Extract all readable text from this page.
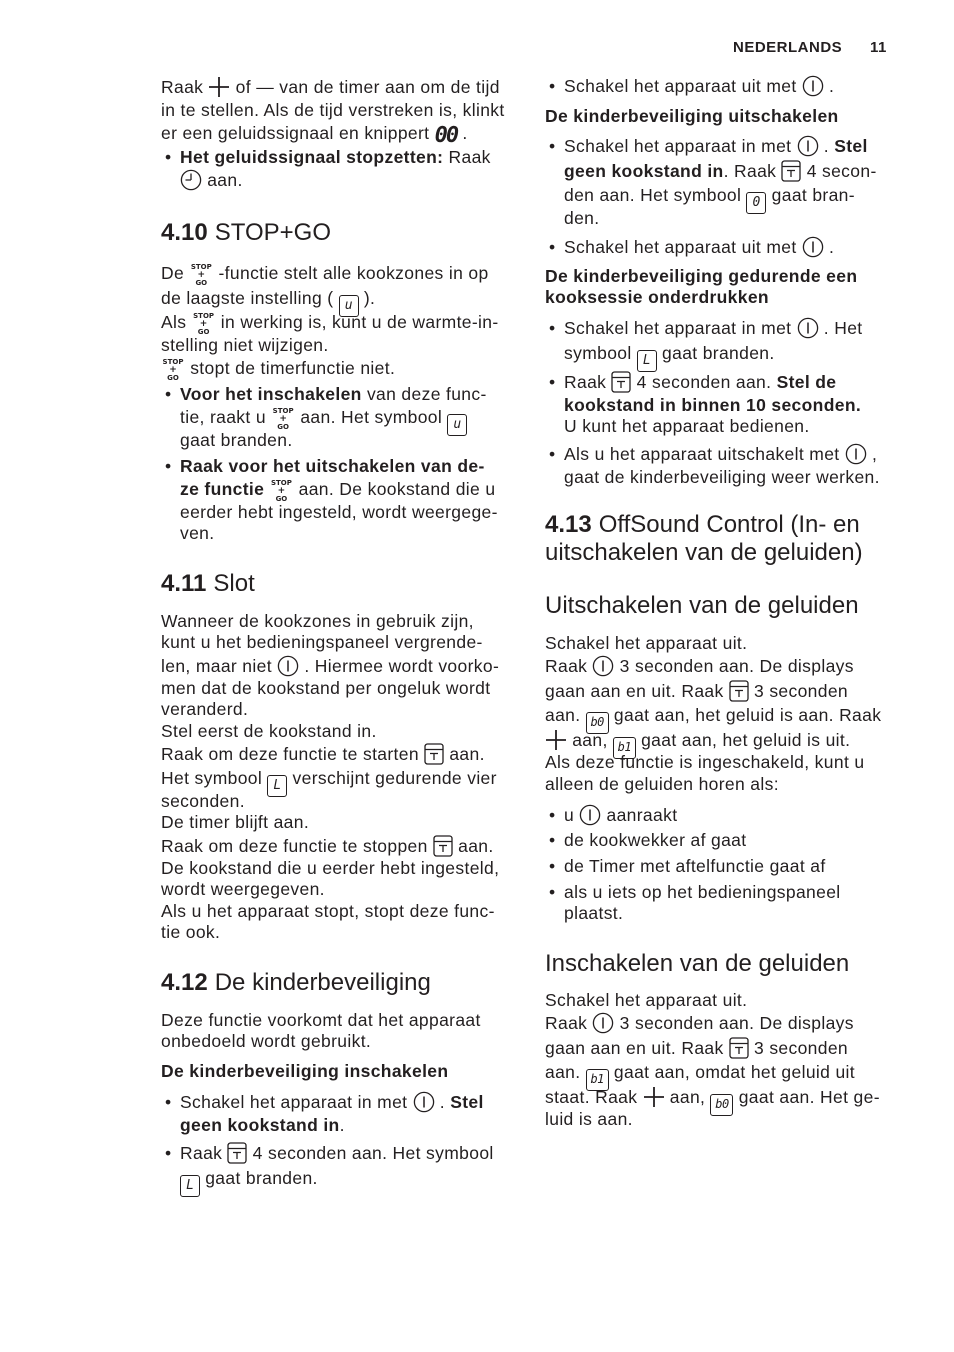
NEDERLANDS 11
Raak
of — van de timer aan om de tijd
in te stellen. Als de tijd verstreken is, klinkt
er een geluidssignaal en knippert 00 .
• Het geluidssignaal stopzetten: Raak
aan.
4.10 STOP+GO
De STOP
+
GO -functie stelt alle kookzones in op
de laagste instelling ( u ).
Als STOP
+
GO in werking is, kunt u de warmte-in-
stelling niet wijzigen.
STOP
+
GO stopt de timerfunctie niet.
• Voor het inschakelen van deze func-
tie, raakt u STOP
+
GO aan. Het symbool u
gaat branden.
• Raak voor het uitschakelen van de-
ze functie STOP
+
GO aan. De kookstand die u
eerder hebt ingesteld, wordt weergege-
ven.
4.11 Slot
Wanneer de kookzones in gebruik zijn,
kunt u het bedieningspaneel vergrende-
len, maar niet
. Hiermee wordt voorko-
men dat de kookstand per ongeluk wordt
veranderd.
Stel eerst de kookstand in.
Raak om deze functie te starten
aan.
Het symbool L verschijnt gedurende vier
seconden.
De timer blijft aan.
Raak om deze functie te stoppen
aan.
De kookstand die u eerder hebt ingesteld,
wordt weergegeven.
Als u het apparaat stopt, stopt deze func-
tie ook.
4.12 De kinderbeveiliging
Deze functie voorkomt dat het apparaat
onbedoeld wordt gebruikt.
De kinderbeveiliging inschakelen
• Schakel het apparaat in met
. Stel
geen kookstand in.
• Raak
4 seconden aan. Het symbool
L gaat branden.
• Schakel het apparaat uit met
.
De kinderbeveiliging uitschakelen
• Schakel het apparaat in met
. Stel
geen kookstand in. Raak
4 secon-
den aan. Het symbool 0 gaat bran-
den.
• Schakel het apparaat uit met
.
De kinderbeveiliging gedurende een
kooksessie onderdrukken
• Schakel het apparaat in met
. Het
symbool L gaat branden.
• Raak
4 seconden aan. Stel de
kookstand in binnen 10 seconden.
U kunt het apparaat bedienen.
• Als u het apparaat uitschakelt met
,
gaat de kinderbeveiliging weer werken.
4.13 OffSound Control (In- en
uitschakelen van de geluiden)
Uitschakelen van de geluiden
Schakel het apparaat uit.
Raak
3 seconden aan. De displays
gaan aan en uit. Raak
3 seconden
aan. b0 gaat aan, het geluid is aan. Raak
aan, b1 gaat aan, het geluid is uit.
Als deze functie is ingeschakeld, kunt u
alleen de geluiden horen als:
• u
aanraakt
• de kookwekker af gaat
• de Timer met aftelfunctie gaat af
• als u iets op het bedieningspaneel
plaatst.
Inschakelen van de geluiden
Schakel het apparaat uit.
Raak
3 seconden aan. De displays
gaan aan en uit. Raak
3 seconden
aan. b1 gaat aan, omdat het geluid uit
staat. Raak
aan, b0 gaat aan. Het ge-
luid is aan.
